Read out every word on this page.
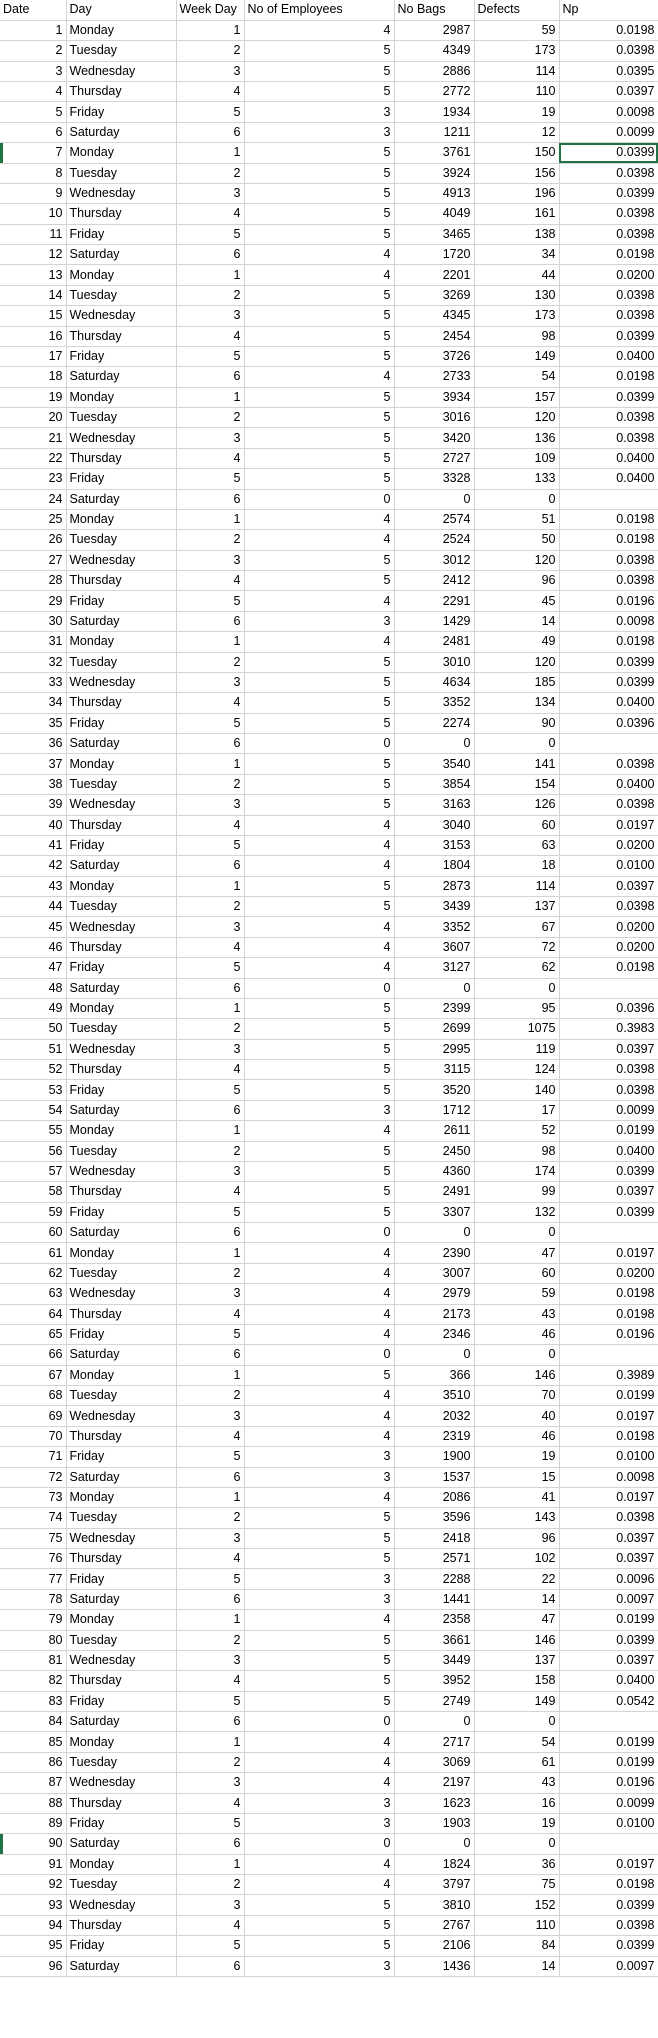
Date	Day	Week Day	No of Employees	No Bags	Defects	Np
1	Monday	1	4	2987	59	0.0198
2	Tuesday	2	5	4349	173	0.0398
3	Wednesday	3	5	2886	114	0.0395
4	Thursday	4	5	2772	110	0.0397
5	Friday	5	3	1934	19	0.0098
6	Saturday	6	3	1211	12	0.0099
7	Monday	1	5	3761	150	0.0399
8	Tuesday	2	5	3924	156	0.0398
9	Wednesday	3	5	4913	196	0.0399
10	Thursday	4	5	4049	161	0.0398
11	Friday	5	5	3465	138	0.0398
12	Saturday	6	4	1720	34	0.0198
13	Monday	1	4	2201	44	0.0200
14	Tuesday	2	5	3269	130	0.0398
15	Wednesday	3	5	4345	173	0.0398
16	Thursday	4	5	2454	98	0.0399
17	Friday	5	5	3726	149	0.0400
18	Saturday	6	4	2733	54	0.0198
19	Monday	1	5	3934	157	0.0399
20	Tuesday	2	5	3016	120	0.0398
21	Wednesday	3	5	3420	136	0.0398
22	Thursday	4	5	2727	109	0.0400
23	Friday	5	5	3328	133	0.0400
24	Saturday	6	0	0	0	
25	Monday	1	4	2574	51	0.0198
26	Tuesday	2	4	2524	50	0.0198
27	Wednesday	3	5	3012	120	0.0398
28	Thursday	4	5	2412	96	0.0398
29	Friday	5	4	2291	45	0.0196
30	Saturday	6	3	1429	14	0.0098
31	Monday	1	4	2481	49	0.0198
32	Tuesday	2	5	3010	120	0.0399
33	Wednesday	3	5	4634	185	0.0399
34	Thursday	4	5	3352	134	0.0400
35	Friday	5	5	2274	90	0.0396
36	Saturday	6	0	0	0	
37	Monday	1	5	3540	141	0.0398
38	Tuesday	2	5	3854	154	0.0400
39	Wednesday	3	5	3163	126	0.0398
40	Thursday	4	4	3040	60	0.0197
41	Friday	5	4	3153	63	0.0200
42	Saturday	6	4	1804	18	0.0100
43	Monday	1	5	2873	114	0.0397
44	Tuesday	2	5	3439	137	0.0398
45	Wednesday	3	4	3352	67	0.0200
46	Thursday	4	4	3607	72	0.0200
47	Friday	5	4	3127	62	0.0198
48	Saturday	6	0	0	0	
49	Monday	1	5	2399	95	0.0396
50	Tuesday	2	5	2699	1075	0.3983
51	Wednesday	3	5	2995	119	0.0397
52	Thursday	4	5	3115	124	0.0398
53	Friday	5	5	3520	140	0.0398
54	Saturday	6	3	1712	17	0.0099
55	Monday	1	4	2611	52	0.0199
56	Tuesday	2	5	2450	98	0.0400
57	Wednesday	3	5	4360	174	0.0399
58	Thursday	4	5	2491	99	0.0397
59	Friday	5	5	3307	132	0.0399
60	Saturday	6	0	0	0	
61	Monday	1	4	2390	47	0.0197
62	Tuesday	2	4	3007	60	0.0200
63	Wednesday	3	4	2979	59	0.0198
64	Thursday	4	4	2173	43	0.0198
65	Friday	5	4	2346	46	0.0196
66	Saturday	6	0	0	0	
67	Monday	1	5	366	146	0.3989
68	Tuesday	2	4	3510	70	0.0199
69	Wednesday	3	4	2032	40	0.0197
70	Thursday	4	4	2319	46	0.0198
71	Friday	5	3	1900	19	0.0100
72	Saturday	6	3	1537	15	0.0098
73	Monday	1	4	2086	41	0.0197
74	Tuesday	2	5	3596	143	0.0398
75	Wednesday	3	5	2418	96	0.0397
76	Thursday	4	5	2571	102	0.0397
77	Friday	5	3	2288	22	0.0096
78	Saturday	6	3	1441	14	0.0097
79	Monday	1	4	2358	47	0.0199
80	Tuesday	2	5	3661	146	0.0399
81	Wednesday	3	5	3449	137	0.0397
82	Thursday	4	5	3952	158	0.0400
83	Friday	5	5	2749	149	0.0542
84	Saturday	6	0	0	0	
85	Monday	1	4	2717	54	0.0199
86	Tuesday	2	4	3069	61	0.0199
87	Wednesday	3	4	2197	43	0.0196
88	Thursday	4	3	1623	16	0.0099
89	Friday	5	3	1903	19	0.0100
90	Saturday	6	0	0	0	
91	Monday	1	4	1824	36	0.0197
92	Tuesday	2	4	3797	75	0.0198
93	Wednesday	3	5	3810	152	0.0399
94	Thursday	4	5	2767	110	0.0398
95	Friday	5	5	2106	84	0.0399
96	Saturday	6	3	1436	14	0.0097
